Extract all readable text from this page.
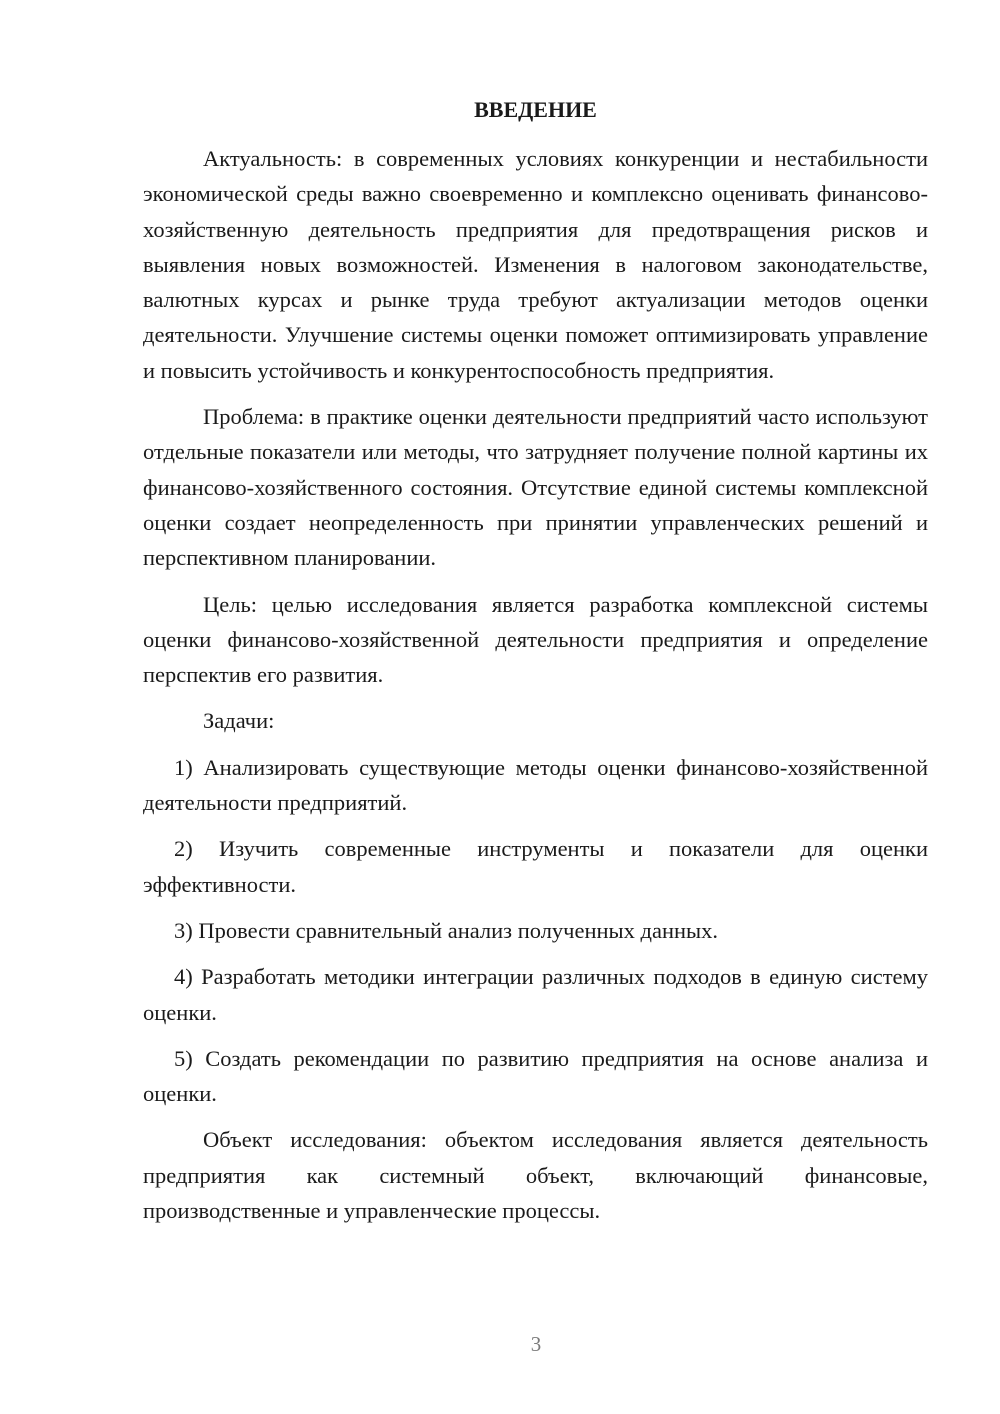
ВВЕДЕНИЕ

Актуальность: в современных условиях конкуренции и нестабильности экономической среды важно своевременно и комплексно оценивать финансово-хозяйственную деятельность предприятия для предотвращения рисков и выявления новых возможностей. Изменения в налоговом законодательстве, валютных курсах и рынке труда требуют актуализации методов оценки деятельности. Улучшение системы оценки поможет оптимизировать управление и повысить устойчивость и конкурентоспособность предприятия.

Проблема: в практике оценки деятельности предприятий часто используют отдельные показатели или методы, что затрудняет получение полной картины их финансово-хозяйственного состояния. Отсутствие единой системы комплексной оценки создает неопределенность при принятии управленческих решений и перспективном планировании.

Цель: целью исследования является разработка комплексной системы оценки финансово-хозяйственной деятельности предприятия и определение перспектив его развития.

Задачи:

1) Анализировать существующие методы оценки финансово-хозяйственной деятельности предприятий.

2) Изучить современные инструменты и показатели для оценки эффективности.

3) Провести сравнительный анализ полученных данных.

4) Разработать методики интеграции различных подходов в единую систему оценки.

5) Создать рекомендации по развитию предприятия на основе анализа и оценки.

Объект исследования: объектом исследования является деятельность предприятия как системный объект, включающий финансовые, производственные и управленческие процессы.

3
